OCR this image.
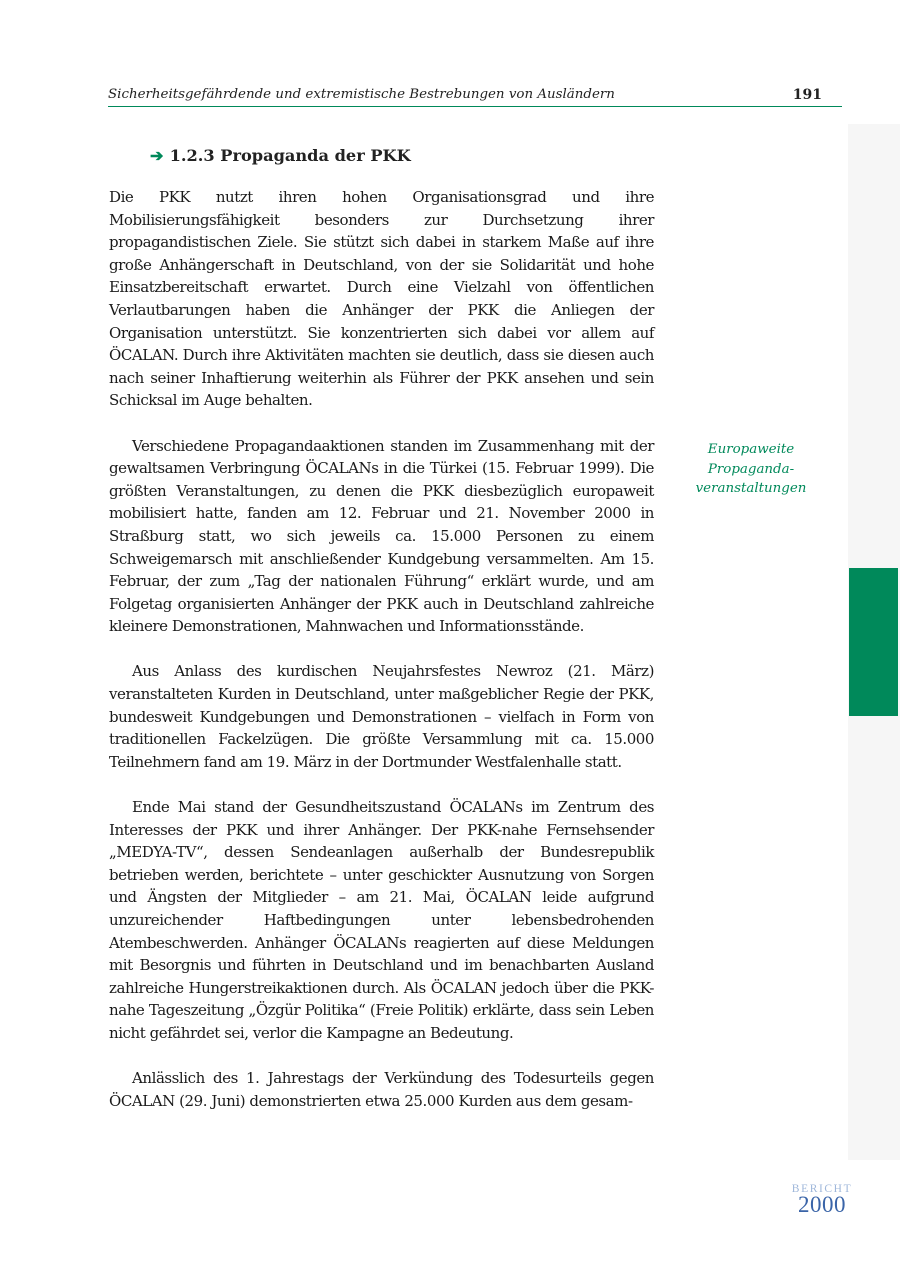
Sicherheitsgefährdende und extremistische Bestrebungen von Ausländern	191
➔ 1.2.3 Propaganda der PKK

Die PKK nutzt ihren hohen Organisationsgrad und ihre Mobilisierungsfähigkeit besonders zur Durchsetzung ihrer propagandistischen Ziele. Sie stützt sich dabei in starkem Maße auf ihre große Anhängerschaft in Deutschland, von der sie Solidarität und hohe Einsatzbereitschaft erwartet. Durch eine Vielzahl von öffentlichen Verlautbarungen haben die Anhänger der PKK die Anliegen der Organisation unterstützt. Sie konzentrierten sich dabei vor allem auf ÖCALAN. Durch ihre Aktivitäten machten sie deutlich, dass sie diesen auch nach seiner Inhaftierung weiterhin als Führer der PKK ansehen und sein Schicksal im Auge behalten.

Verschiedene Propagandaaktionen standen im Zusammenhang mit der gewaltsamen Verbringung ÖCALANs in die Türkei (15. Februar 1999). Die größten Veranstaltungen, zu denen die PKK diesbezüglich europaweit mobilisiert hatte, fanden am 12. Februar und 21. November 2000 in Straßburg statt, wo sich jeweils ca. 15.000 Personen zu einem Schweigemarsch mit anschließender Kundgebung versammelten. Am 15. Februar, der zum „Tag der nationalen Führung“ erklärt wurde, und am Folgetag organisierten Anhänger der PKK auch in Deutschland zahlreiche kleinere Demonstrationen, Mahnwachen und Informationsstände.

Aus Anlass des kurdischen Neujahrsfestes Newroz (21. März) veranstalteten Kurden in Deutschland, unter maßgeblicher Regie der PKK, bundesweit Kundgebungen und Demonstrationen – vielfach in Form von traditionellen Fackelzügen. Die größte Versammlung mit ca. 15.000 Teilnehmern fand am 19. März in der Dortmunder Westfalenhalle statt.

Ende Mai stand der Gesundheitszustand ÖCALANs im Zentrum des Interesses der PKK und ihrer Anhänger. Der PKK-nahe Fernsehsender „MEDYA-TV“, dessen Sendeanlagen außerhalb der Bundesrepublik betrieben werden, berichtete – unter geschickter Ausnutzung von Sorgen und Ängsten der Mitglieder – am 21. Mai, ÖCALAN leide aufgrund unzureichender Haftbedingungen unter lebensbedrohenden Atembeschwerden. Anhänger ÖCALANs reagierten auf diese Meldungen mit Besorgnis und führten in Deutschland und im benachbarten Ausland zahlreiche Hungerstreikaktionen durch. Als ÖCALAN jedoch über die PKK-nahe Tageszeitung „Özgür Politika“ (Freie Politik) erklärte, dass sein Leben nicht gefährdet sei, verlor die Kampagne an Bedeutung.

Anlässlich des 1. Jahrestags der Verkündung des Todesurteils gegen ÖCALAN (29. Juni) demonstrierten etwa 25.000 Kurden aus dem gesam-

Europaweite
Propaganda-
veranstaltungen
BERICHT
2000
